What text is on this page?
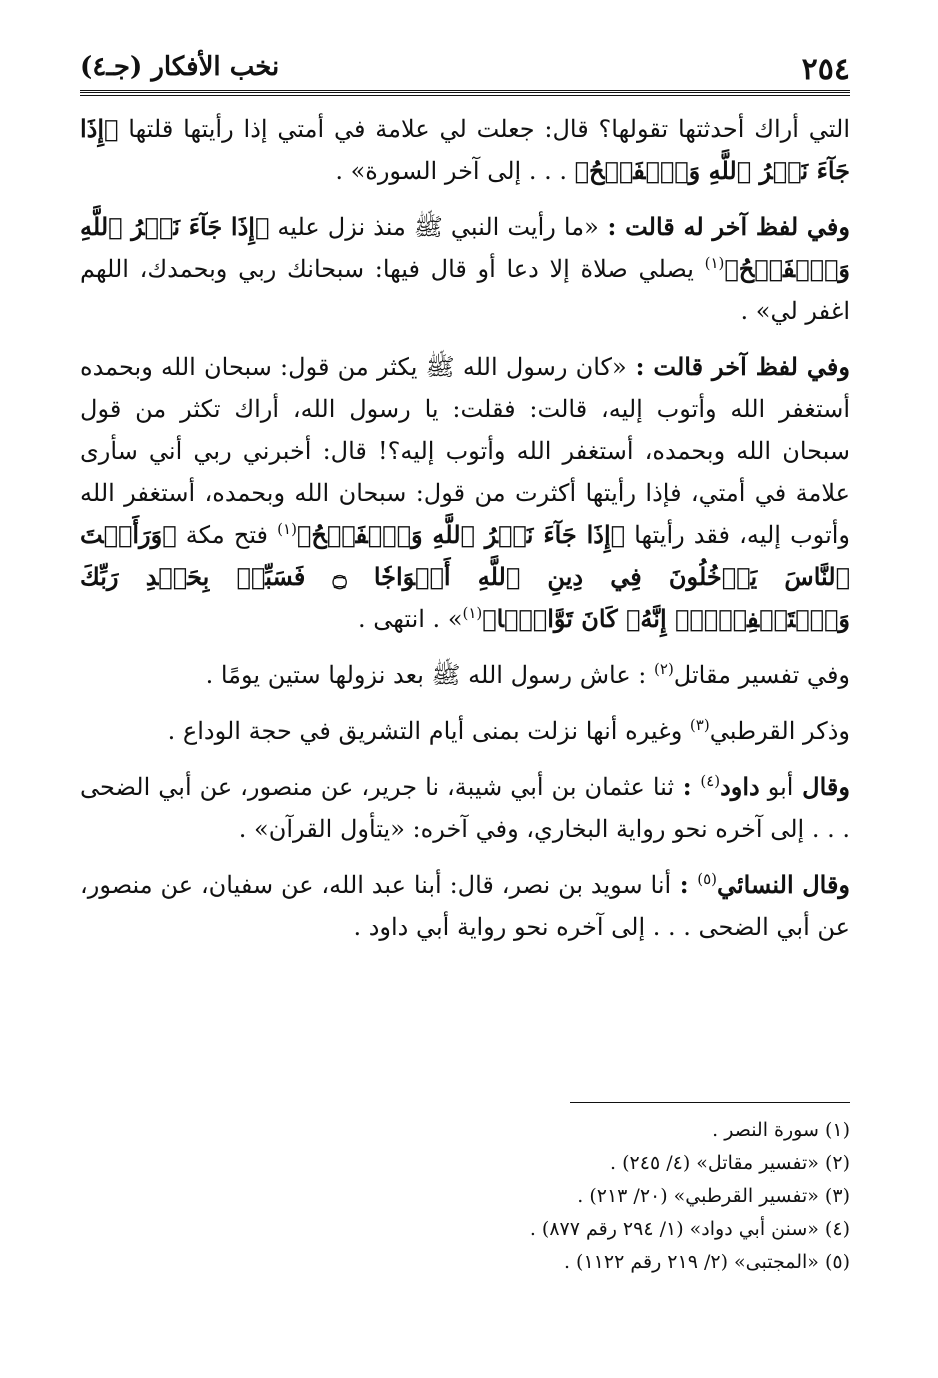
٢٥٤
نخب الأفكار (جـ٤)

التي أراك أحدثتها تقولها؟ قال: جعلت لي علامة في أمتي إذا رأيتها قلتها ﴿إِذَا جَآءَ نَصۡرُ ٱللَّهِ وَٱلۡفَتۡحُ﴾ . . . إلى آخر السورة» .

وفي لفظ آخر له قالت : «ما رأيت النبي ﷺ منذ نزل عليه ﴿إِذَا جَآءَ نَصۡرُ ٱللَّهِ وَٱلۡفَتۡحُ﴾$^{(١)}$ يصلي صلاة إلا دعا أو قال فيها: سبحانك ربي وبحمدك، اللهم اغفر لي» .

وفي لفظ آخر قالت : «كان رسول الله ﷺ يكثر من قول: سبحان الله وبحمده أستغفر الله وأتوب إليه، قالت: فقلت: يا رسول الله، أراك تكثر من قول سبحان الله وبحمده، أستغفر الله وأتوب إليه؟! قال: أخبرني ربي أني سأرى علامة في أمتي، فإذا رأيتها أكثرت من قول: سبحان الله وبحمده، أستغفر الله وأتوب إليه، فقد رأيتها ﴿إِذَا جَآءَ نَصۡرُ ٱللَّهِ وَٱلۡفَتۡحُ﴾$^{(١)}$ فتح مكة ﴿وَرَأَيۡتَ ٱلنَّاسَ يَدۡخُلُونَ فِي دِينِ ٱللَّهِ أَفۡوَاجٗا ۝ فَسَبِّحۡ بِحَمۡدِ رَبِّكَ وَٱسۡتَغۡفِرۡهُۚ إِنَّهُۥ كَانَ تَوَّابَۢا﴾$^{(١)}$» . انتهى .

وفي تفسير مقاتل$^{(٢)}$ : عاش رسول الله ﷺ بعد نزولها ستين يومًا .

وذكر القرطبي$^{(٣)}$ وغيره أنها نزلت بمنى أيام التشريق في حجة الوداع .

وقال أبو داود$^{(٤)}$ : ثنا عثمان بن أبي شيبة، نا جرير، عن منصور، عن أبي الضحى . . . إلى آخره نحو رواية البخاري، وفي آخره: «يتأول القرآن» .

وقال النسائي$^{(٥)}$ : أنا سويد بن نصر، قال: أبنا عبد الله، عن سفيان، عن منصور، عن أبي الضحى . . . إلى آخره نحو رواية أبي داود .

(١) سورة النصر .

(٢) «تفسير مقاتل» (٤/ ٢٤٥) .

(٣) «تفسير القرطبي» (٢٠/ ٢١٣) .

(٤) «سنن أبي دواد» (١/ ٢٩٤ رقم ٨٧٧) .

(٥) «المجتبى» (٢/ ٢١٩ رقم ١١٢٢) .
